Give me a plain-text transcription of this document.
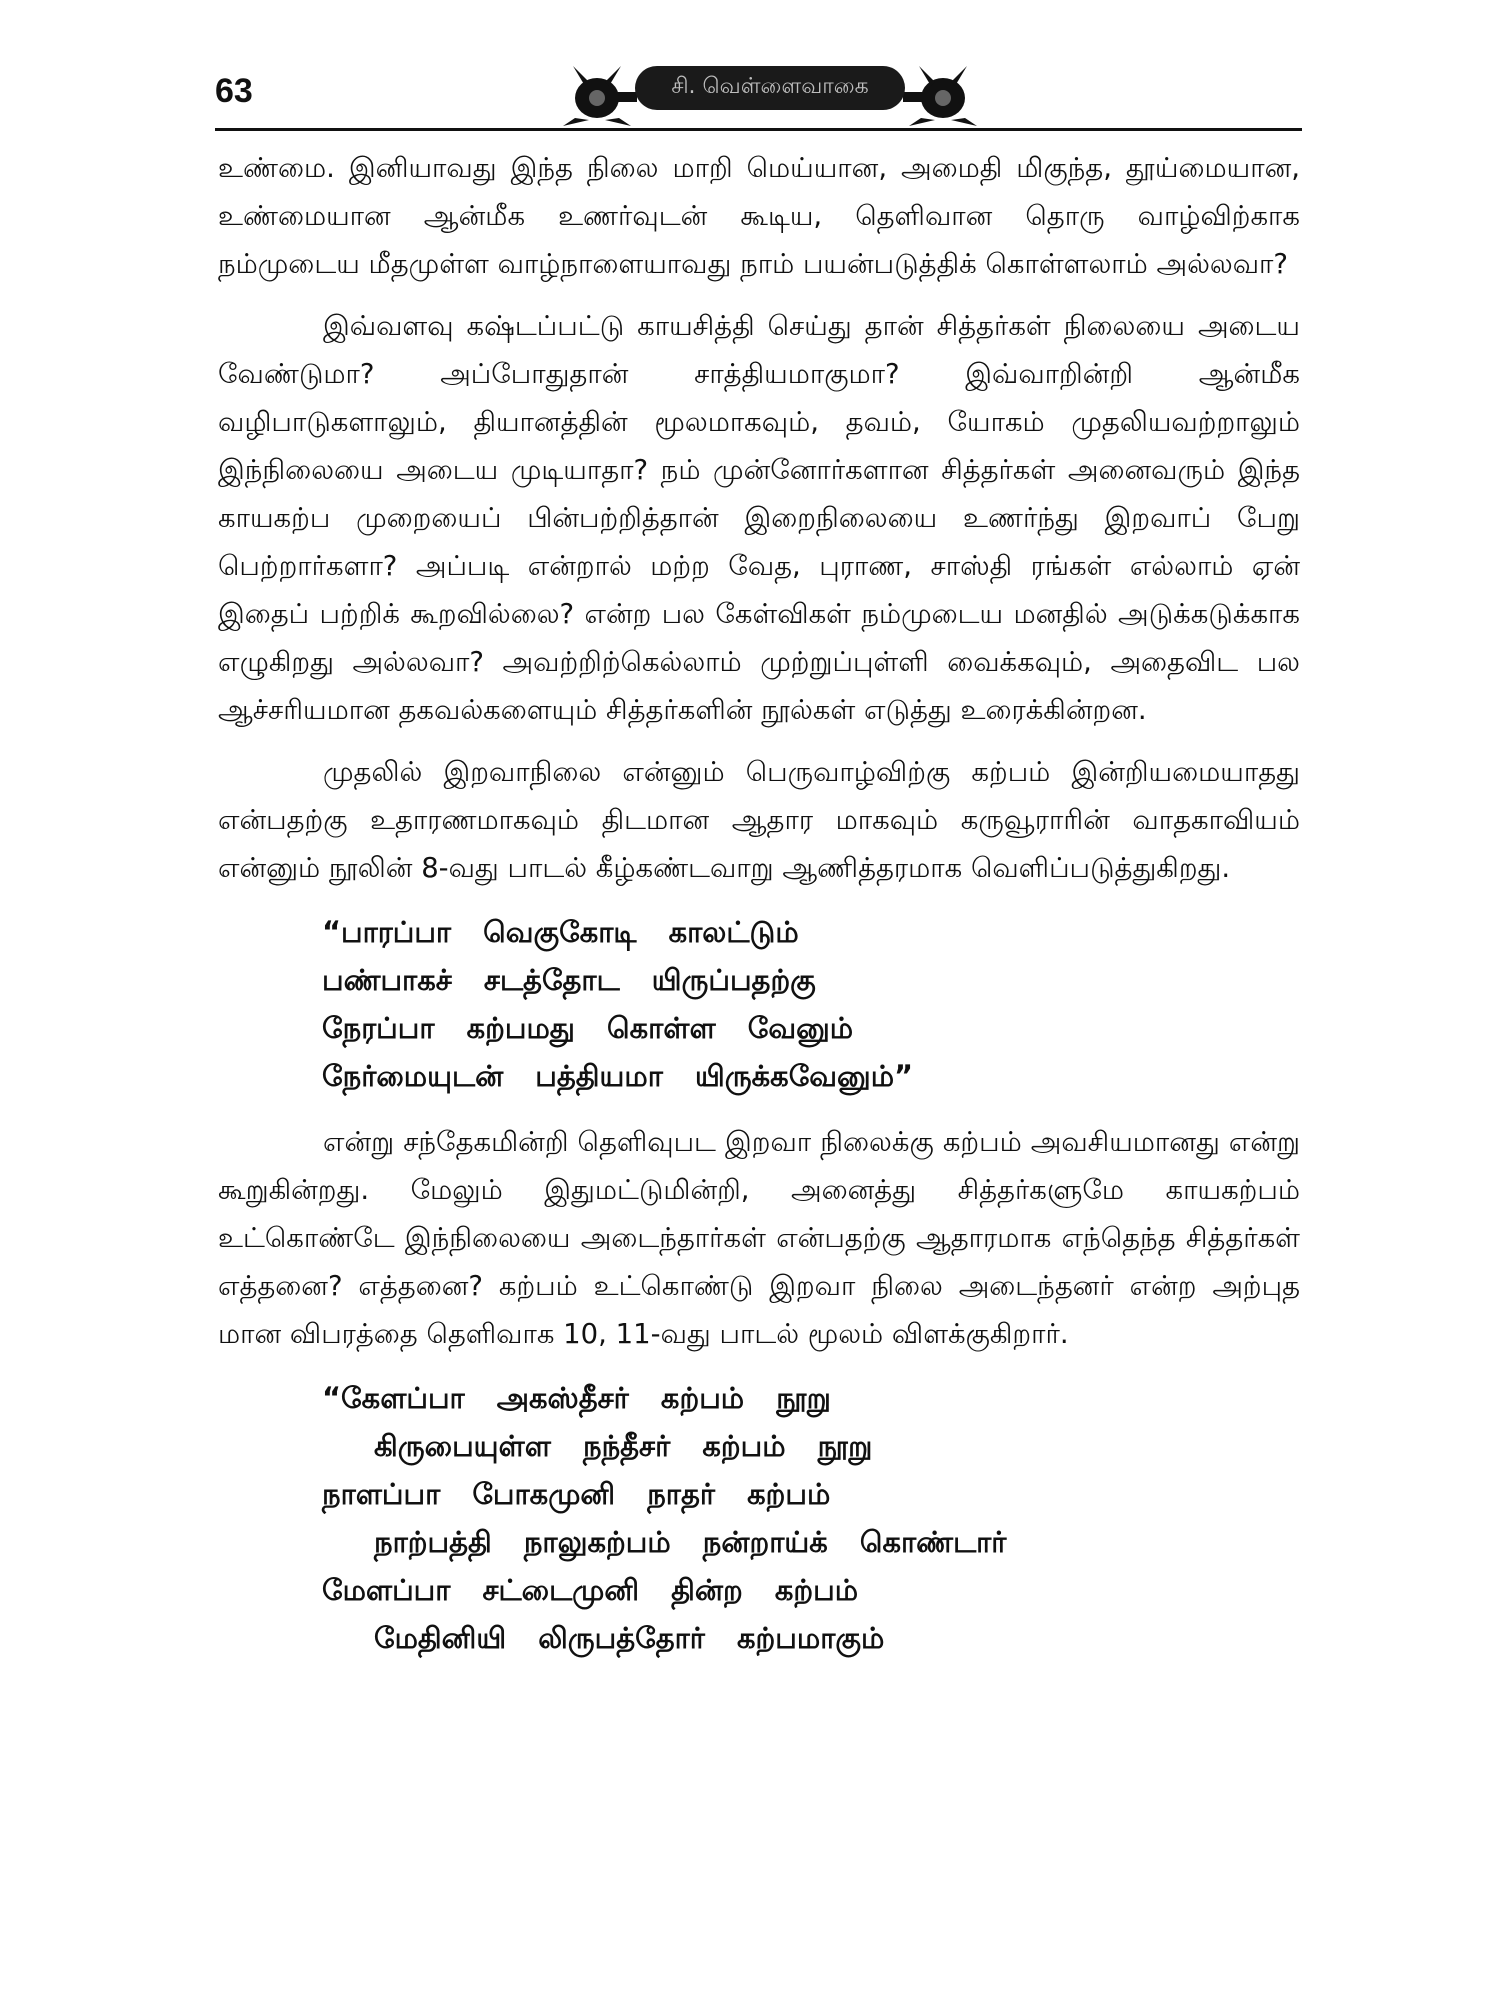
63	சி. வெள்ளைவாகை

உண்மை. இனியாவது இந்த நிலை மாறி மெய்யான, அமைதி மிகுந்த, தூய்மையான, உண்மையான ஆன்மீக உணர்வுடன் கூடிய, தெளிவான தொரு வாழ்விற்காக நம்முடைய மீதமுள்ள வாழ்நாளையாவது நாம் பயன்படுத்திக் கொள்ளலாம் அல்லவா?

இவ்வளவு கஷ்டப்பட்டு காயசித்தி செய்து தான் சித்தர்கள் நிலையை அடைய வேண்டுமா? அப்போதுதான் சாத்தியமாகுமா? இவ்வாறின்றி ஆன்மீக வழிபாடுகளாலும், தியானத்தின் மூலமாகவும், தவம், யோகம் முதலியவற்றாலும் இந்நிலையை அடைய முடியாதா? நம் முன்னோர்களான சித்தர்கள் அனைவரும் இந்த காயகற்ப முறையைப் பின்பற்றித்தான் இறைநிலையை உணர்ந்து இறவாப் பேறு பெற்றார்களா? அப்படி என்றால் மற்ற வேத, புராண, சாஸ்தி ரங்கள் எல்லாம் ஏன் இதைப் பற்றிக் கூறவில்லை? என்ற பல கேள்விகள் நம்முடைய மனதில் அடுக்கடுக்காக எழுகிறது அல்லவா? அவற்றிற்கெல்லாம் முற்றுப்புள்ளி வைக்கவும், அதைவிட பல ஆச்சரியமான தகவல்களையும் சித்தர்களின் நூல்கள் எடுத்து உரைக்கின்றன.

முதலில் இறவாநிலை என்னும் பெருவாழ்விற்கு கற்பம் இன்றியமையாதது என்பதற்கு உதாரணமாகவும் திடமான ஆதார மாகவும் கருவூராரின் வாதகாவியம் என்னும் நூலின் 8-வது பாடல் கீழ்கண்டவாறு ஆணித்தரமாக வெளிப்படுத்துகிறது.

“பாரப்பா வெகுகோடி காலட்டும்
பண்பாகச் சடத்தோட யிருப்பதற்கு
நேரப்பா கற்பமது கொள்ள வேனும்
நேர்மையுடன் பத்தியமா யிருக்கவேனும்”

என்று சந்தேகமின்றி தெளிவுபட இறவா நிலைக்கு கற்பம் அவசியமானது என்று கூறுகின்றது. மேலும் இதுமட்டுமின்றி, அனைத்து சித்தர்களுமே காயகற்பம் உட்கொண்டே இந்நிலையை அடைந்தார்கள் என்பதற்கு ஆதாரமாக எந்தெந்த சித்தர்கள் எத்தனை? எத்தனை? கற்பம் உட்கொண்டு இறவா நிலை அடைந்தனர் என்ற அற்புத மான விபரத்தை தெளிவாக 10, 11-வது பாடல் மூலம் விளக்குகிறார்.

“கேளப்பா அகஸ்தீசர் கற்பம் நூறு
கிருபையுள்ள நந்தீசர் கற்பம் நூறு
நாளப்பா போகமுனி நாதர் கற்பம்
நாற்பத்தி நாலுகற்பம் நன்றாய்க் கொண்டார்
மேளப்பா சட்டைமுனி தின்ற கற்பம்
மேதினியி லிருபத்தோர் கற்பமாகும்
